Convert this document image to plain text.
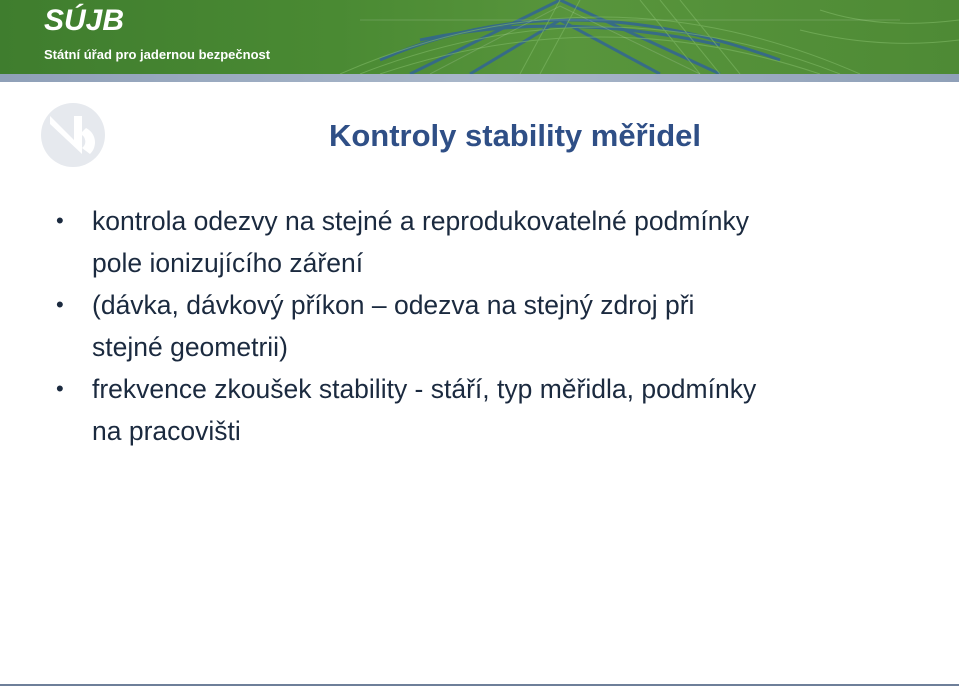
SÚJB
Státní úřad pro jadernou bezpečnost
Kontroly stability měřidel
• kontrola odezvy na stejné a reprodukovatelné podmínky
pole ionizujícího záření
• (dávka, dávkový příkon – odezva na stejný zdroj při
stejné geometrii)
• frekvence zkoušek stability - stáří, typ měřidla, podmínky
na pracovišti
